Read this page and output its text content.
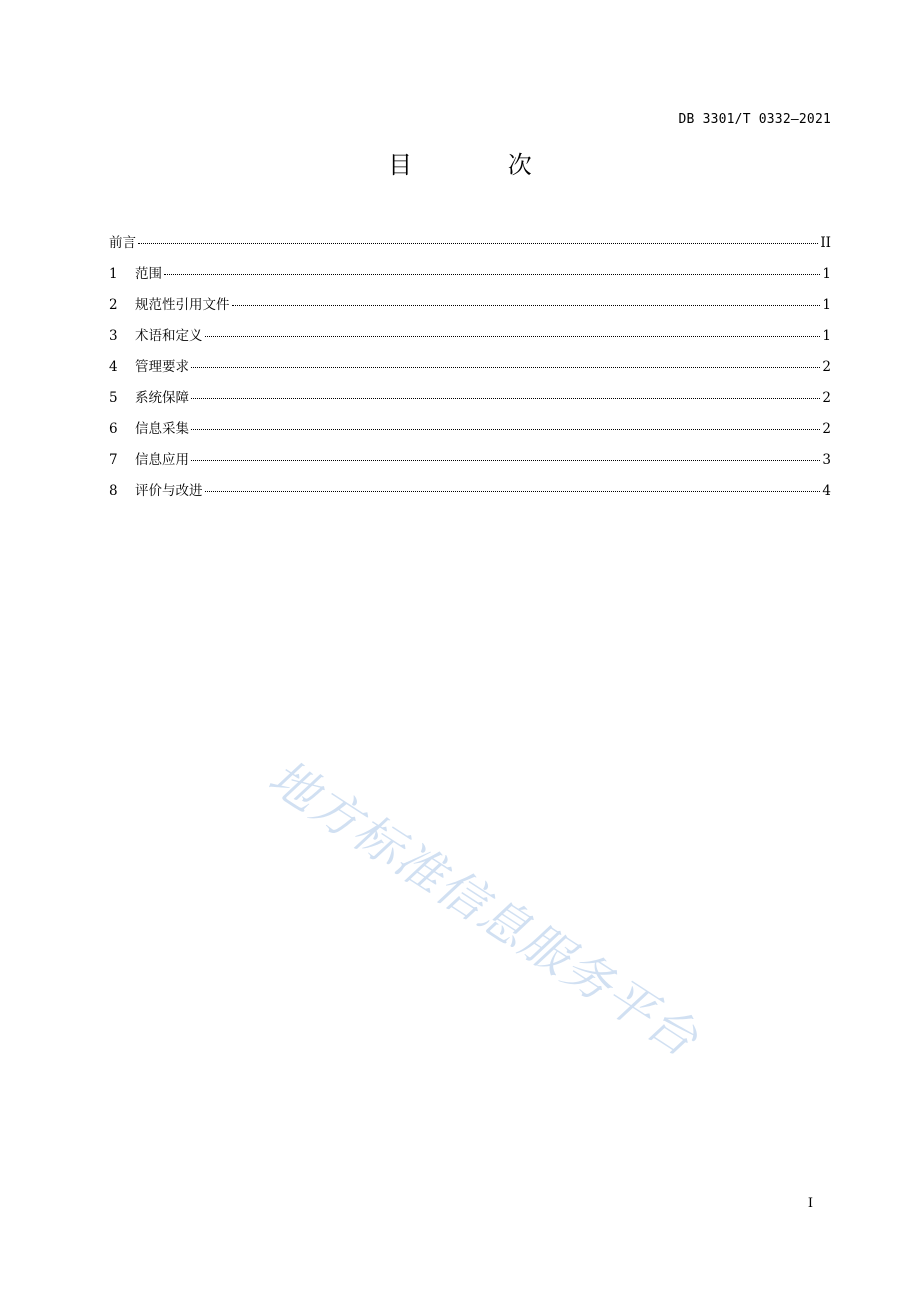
DB 3301/T 0332—2021
目 次
前言	II
1	范围	1
2	规范性引用文件	1
3	术语和定义	1
4	管理要求	2
5	系统保障	2
6	信息采集	2
7	信息应用	3
8	评价与改进	4
地方标准信息服务平台
I
